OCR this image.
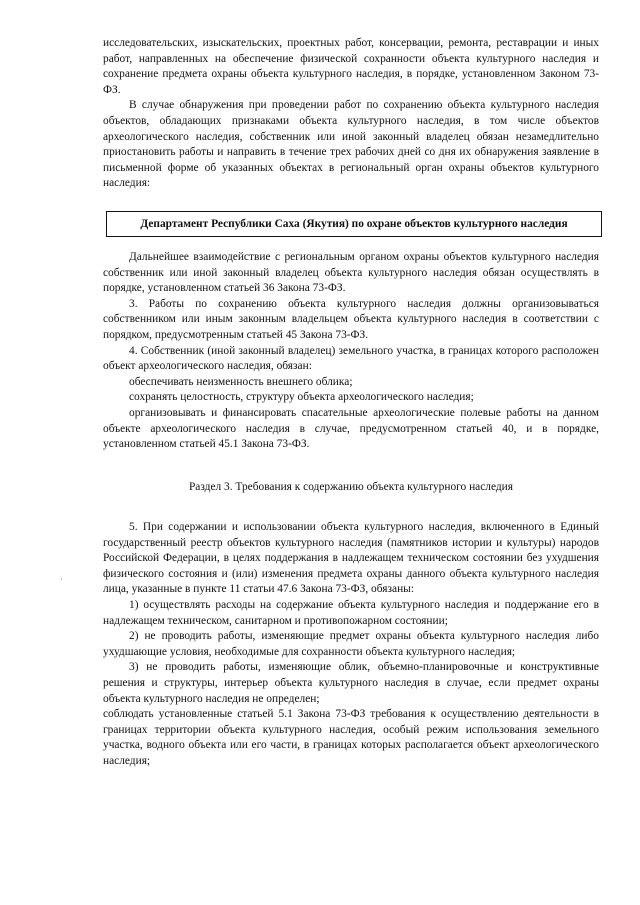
исследовательских, изыскательских, проектных работ, консервации, ремонта, реставрации и иных работ, направленных на обеспечение физической сохранности объекта культурного наследия и сохранение предмета охраны объекта культурного наследия, в порядке, установленном Законом 73-ФЗ.

В случае обнаружения при проведении работ по сохранению объекта культурного наследия объектов, обладающих признаками объекта культурного наследия, в том числе объектов археологического наследия, собственник или иной законный владелец обязан незамедлительно приостановить работы и направить в течение трех рабочих дней со дня их обнаружения заявление в письменной форме об указанных объектах в региональный орган охраны объектов культурного наследия:

Департамент Республики Саха (Якутия) по охране объектов культурного наследия

Дальнейшее взаимодействие с региональным органом охраны объектов культурного наследия собственник или иной законный владелец объекта культурного наследия обязан осуществлять в порядке, установленном статьей 36 Закона 73-ФЗ.

3. Работы по сохранению объекта культурного наследия должны организовываться собственником или иным законным владельцем объекта культурного наследия в соответствии с порядком, предусмотренным статьей 45 Закона 73-ФЗ.

4. Собственник (иной законный владелец) земельного участка, в границах которого расположен объект археологического наследия, обязан:

обеспечивать неизменность внешнего облика;

сохранять целостность, структуру объекта археологического наследия;

организовывать и финансировать спасательные археологические полевые работы на данном объекте археологического наследия в случае, предусмотренном статьей 40, и в порядке, установленном статьей 45.1 Закона 73-ФЗ.

Раздел 3. Требования к содержанию объекта культурного наследия

5. При содержании и использовании объекта культурного наследия, включенного в Единый государственный реестр объектов культурного наследия (памятников истории и культуры) народов Российской Федерации, в целях поддержания в надлежащем техническом состоянии без ухудшения физического состояния и (или) изменения предмета охраны данного объекта культурного наследия лица, указанные в пункте 11 статьи 47.6 Закона 73-ФЗ, обязаны:

1) осуществлять расходы на содержание объекта культурного наследия и поддержание его в надлежащем техническом, санитарном и противопожарном состоянии;

2) не проводить работы, изменяющие предмет охраны объекта культурного наследия либо ухудшающие условия, необходимые для сохранности объекта культурного наследия;

3) не проводить работы, изменяющие облик, объемно-планировочные и конструктивные решения и структуры, интерьер объекта культурного наследия в случае, если предмет охраны объекта культурного наследия не определен;

соблюдать установленные статьей 5.1 Закона 73-ФЗ требования к осуществлению деятельности в границах территории объекта культурного наследия, особый режим использования земельного участка, водного объекта или его части, в границах которых располагается объект археологического наследия;

·
